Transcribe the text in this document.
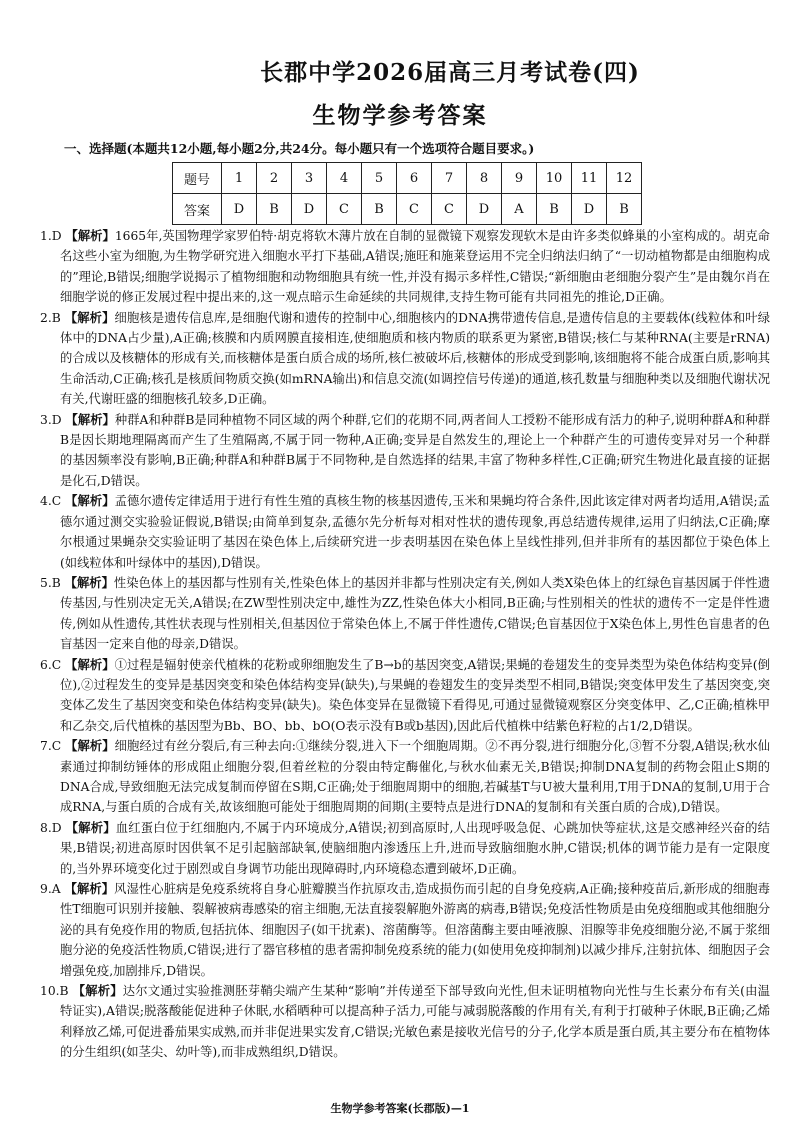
长郡中学2026届高三月考试卷(四)
生物学参考答案
一、选择题(本题共12小题,每小题2分,共24分。每小题只有一个选项符合题目要求。)
题号	1	2	3	4	5	6	7	8	9	10	11	12
答案	D	B	D	C	B	C	C	D	A	B	D	B

1.D 【解析】1665年,英国物理学家罗伯特·胡克将软木薄片放在自制的显微镜下观察发现软木是由许多类似蜂巢的小室构成的。胡克命名这些小室为细胞,为生物学研究进入细胞水平打下基础,A错误;施旺和施莱登运用不完全归纳法归纳了“一切动植物都是由细胞构成的”理论,B错误;细胞学说揭示了植物细胞和动物细胞具有统一性,并没有揭示多样性,C错误;“新细胞由老细胞分裂产生”是由魏尔肖在细胞学说的修正发展过程中提出来的,这一观点暗示生命延续的共同规律,支持生物可能有共同祖先的推论,D正确。

2.B 【解析】细胞核是遗传信息库,是细胞代谢和遗传的控制中心,细胞核内的DNA携带遗传信息,是遗传信息的主要载体(线粒体和叶绿体中的DNA占少量),A正确;核膜和内质网膜直接相连,使细胞质和核内物质的联系更为紧密,B错误;核仁与某种RNA(主要是rRNA)的合成以及核糖体的形成有关,而核糖体是蛋白质合成的场所,核仁被破坏后,核糖体的形成受到影响,该细胞将不能合成蛋白质,影响其生命活动,C正确;核孔是核质间物质交换(如mRNA输出)和信息交流(如调控信号传递)的通道,核孔数量与细胞种类以及细胞代谢状况有关,代谢旺盛的细胞核孔较多,D正确。

3.D 【解析】种群A和种群B是同种植物不同区域的两个种群,它们的花期不同,两者间人工授粉不能形成有活力的种子,说明种群A和种群B是因长期地理隔离而产生了生殖隔离,不属于同一物种,A正确;变异是自然发生的,理论上一个种群产生的可遗传变异对另一个种群的基因频率没有影响,B正确;种群A和种群B属于不同物种,是自然选择的结果,丰富了物种多样性,C正确;研究生物进化最直接的证据是化石,D错误。

4.C 【解析】孟德尔遗传定律适用于进行有性生殖的真核生物的核基因遗传,玉米和果蝇均符合条件,因此该定律对两者均适用,A错误;孟德尔通过测交实验验证假说,B错误;由简单到复杂,孟德尔先分析每对相对性状的遗传现象,再总结遗传规律,运用了归纳法,C正确;摩尔根通过果蝇杂交实验证明了基因在染色体上,后续研究进一步表明基因在染色体上呈线性排列,但并非所有的基因都位于染色体上(如线粒体和叶绿体中的基因),D错误。

5.B 【解析】性染色体上的基因都与性别有关,性染色体上的基因并非都与性别决定有关,例如人类X染色体上的红绿色盲基因属于伴性遗传基因,与性别决定无关,A错误;在ZW型性别决定中,雄性为ZZ,性染色体大小相同,B正确;与性别相关的性状的遗传不一定是伴性遗传,例如从性遗传,其性状表现与性别相关,但基因位于常染色体上,不属于伴性遗传,C错误;色盲基因位于X染色体上,男性色盲患者的色盲基因一定来自他的母亲,D错误。

6.C 【解析】①过程是辐射使亲代植株的花粉或卵细胞发生了B→b的基因突变,A错误;果蝇的卷翅发生的变异类型为染色体结构变异(倒位),②过程发生的变异是基因突变和染色体结构变异(缺失),与果蝇的卷翅发生的变异类型不相同,B错误;突变体甲发生了基因突变,突变体乙发生了基因突变和染色体结构变异(缺失)。染色体变异在显微镜下看得见,可通过显微镜观察区分突变体甲、乙,C正确;植株甲和乙杂交,后代植株的基因型为Bb、BO、bb、bO(O表示没有B或b基因),因此后代植株中结紫色籽粒的占1/2,D错误。

7.C 【解析】细胞经过有丝分裂后,有三种去向:①继续分裂,进入下一个细胞周期。②不再分裂,进行细胞分化,③暂不分裂,A错误;秋水仙素通过抑制纺锤体的形成阻止细胞分裂,但着丝粒的分裂由特定酶催化,与秋水仙素无关,B错误;抑制DNA复制的药物会阻止S期的DNA合成,导致细胞无法完成复制而停留在S期,C正确;处于细胞周期中的细胞,若碱基T与U被大量利用,T用于DNA的复制,U用于合成RNA,与蛋白质的合成有关,故该细胞可能处于细胞周期的间期(主要特点是进行DNA的复制和有关蛋白质的合成),D错误。

8.D 【解析】血红蛋白位于红细胞内,不属于内环境成分,A错误;初到高原时,人出现呼吸急促、心跳加快等症状,这是交感神经兴奋的结果,B错误;初进高原时因供氧不足引起脑部缺氧,使脑细胞内渗透压上升,进而导致脑细胞水肿,C错误;机体的调节能力是有一定限度的,当外界环境变化过于剧烈或自身调节功能出现障碍时,内环境稳态遭到破坏,D正确。

9.A 【解析】风湿性心脏病是免疫系统将自身心脏瓣膜当作抗原攻击,造成损伤而引起的自身免疫病,A正确;接种疫苗后,新形成的细胞毒性T细胞可识别并接触、裂解被病毒感染的宿主细胞,无法直接裂解胞外游离的病毒,B错误;免疫活性物质是由免疫细胞或其他细胞分泌的具有免疫作用的物质,包括抗体、细胞因子(如干扰素)、溶菌酶等。但溶菌酶主要由唾液腺、泪腺等非免疫细胞分泌,不属于浆细胞分泌的免疫活性物质,C错误;进行了器官移植的患者需抑制免疫系统的能力(如使用免疫抑制剂)以减少排斥,注射抗体、细胞因子会增强免疫,加剧排斥,D错误。

10.B 【解析】达尔文通过实验推测胚芽鞘尖端产生某种“影响”并传递至下部导致向光性,但未证明植物向光性与生长素分布有关(由温特证实),A错误;脱落酸能促进种子休眠,水稻晒种可以提高种子活力,可能与减弱脱落酸的作用有关,有利于打破种子休眠,B正确;乙烯利释放乙烯,可促进番茄果实成熟,而并非促进果实发育,C错误;光敏色素是接收光信号的分子,化学本质是蛋白质,其主要分布在植物体的分生组织(如茎尖、幼叶等),而非成熟组织,D错误。

生物学参考答案(长郡版)—1
